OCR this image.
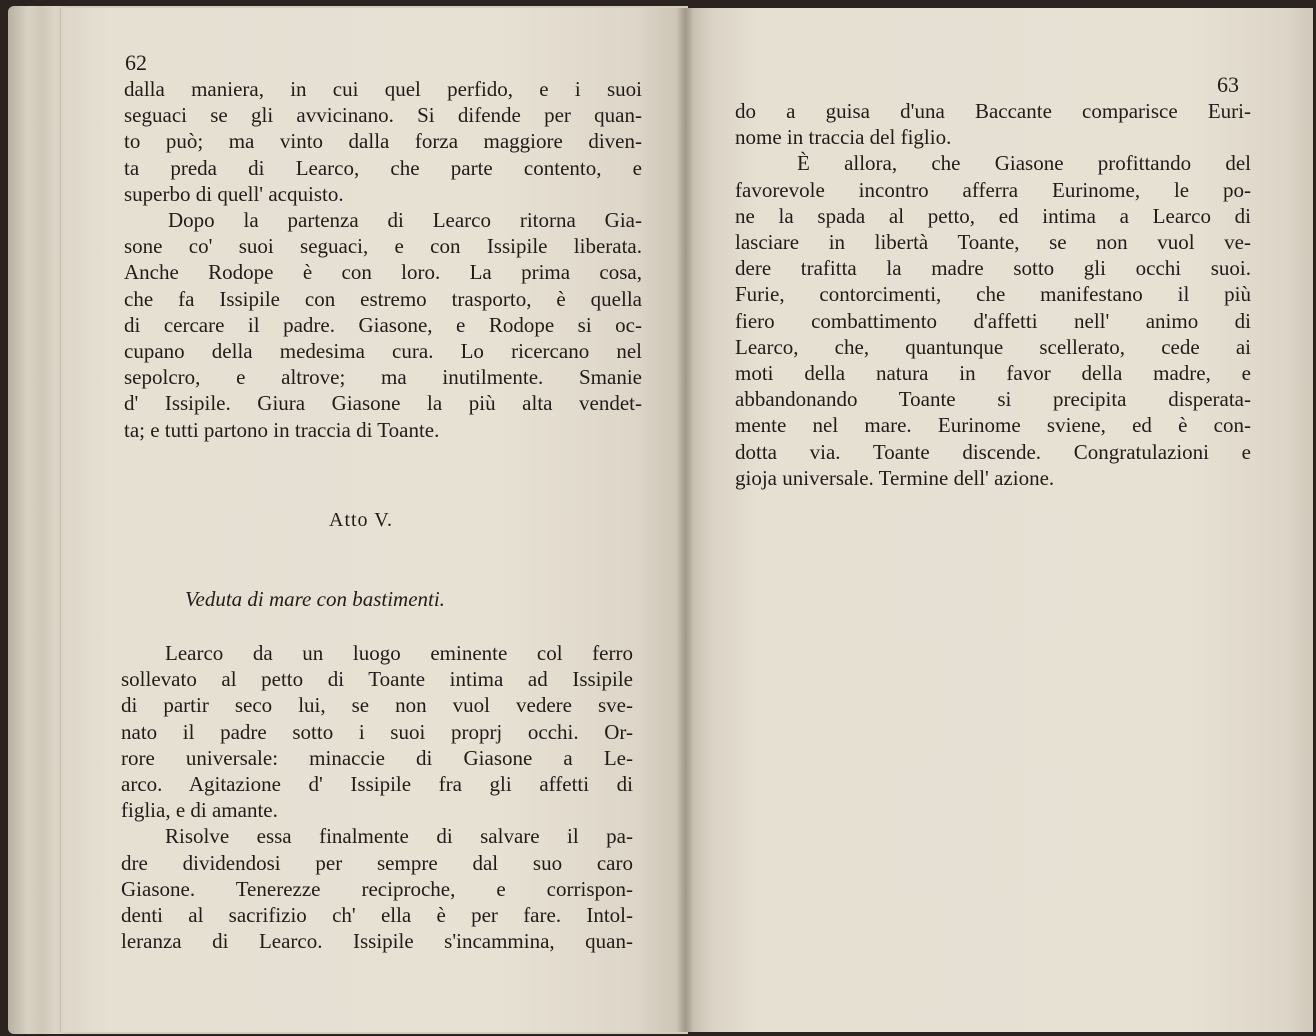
62
dalla maniera, in cui quel perfido, e i suoi
seguaci se gli avvicinano. Si difende per quan-
to può; ma vinto dalla forza maggiore diven-
ta preda di Learco, che parte contento, e
superbo di quell' acquisto.
Dopo la partenza di Learco ritorna Gia-
sone co' suoi seguaci, e con Issipile liberata.
Anche Rodope è con loro. La prima cosa,
che fa Issipile con estremo trasporto, è quella
di cercare il padre. Giasone, e Rodope si oc-
cupano della medesima cura. Lo ricercano nel
sepolcro, e altrove; ma inutilmente. Smanie
d' Issipile. Giura Giasone la più alta vendet-
ta; e tutti partono in traccia di Toante.
Atto V.
Veduta di mare con bastimenti.
Learco da un luogo eminente col ferro
sollevato al petto di Toante intima ad Issipile
di partir seco lui, se non vuol vedere sve-
nato il padre sotto i suoi proprj occhi. Or-
rore universale: minaccie di Giasone a Le-
arco. Agitazione d' Issipile fra gli affetti di
figlia, e di amante.
Risolve essa finalmente di salvare il pa-
dre dividendosi per sempre dal suo caro
Giasone. Tenerezze reciproche, e corrispon-
denti al sacrifizio ch' ella è per fare. Intol-
leranza di Learco. Issipile s'incammina, quan-
63
do a guisa d'una Baccante comparisce Euri-
nome in traccia del figlio.
È allora, che Giasone profittando del
favorevole incontro afferra Eurinome, le po-
ne la spada al petto, ed intima a Learco di
lasciare in libertà Toante, se non vuol ve-
dere trafitta la madre sotto gli occhi suoi.
Furie, contorcimenti, che manifestano il più
fiero combattimento d'affetti nell' animo di
Learco, che, quantunque scellerato, cede ai
moti della natura in favor della madre, e
abbandonando Toante si precipita disperata-
mente nel mare. Eurinome sviene, ed è con-
dotta via. Toante discende. Congratulazioni e
gioja universale. Termine dell' azione.
